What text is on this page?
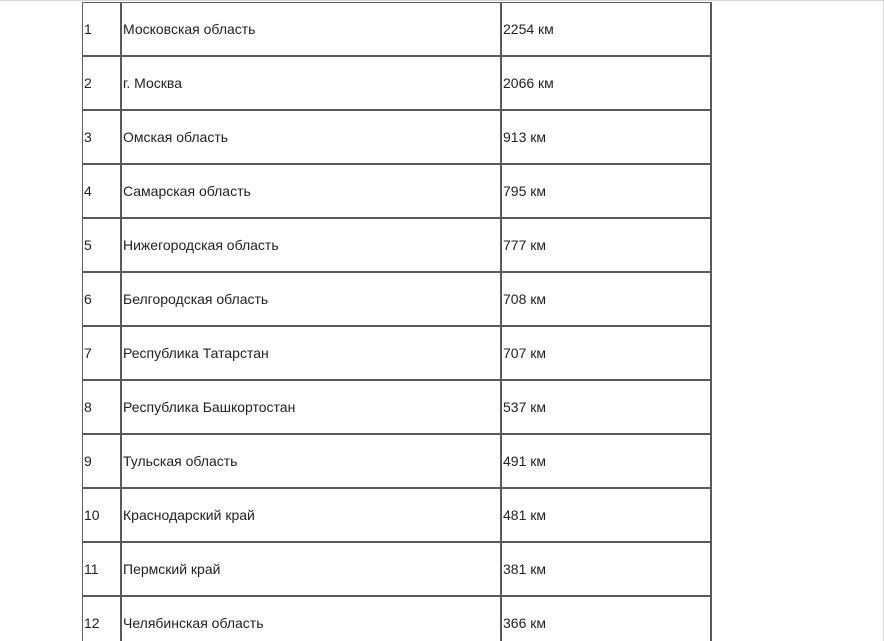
1	Московская область	2254 км
2	г. Москва	2066 км
3	Омская область	913 км
4	Самарская область	795 км
5	Нижегородская область	777 км
6	Белгородская область	708 км
7	Республика Татарстан	707 км
8	Республика Башкортостан	537 км
9	Тульская область	491 км
10	Краснодарский край	481 км
11	Пермский край	381 км
12	Челябинская область	366 км
